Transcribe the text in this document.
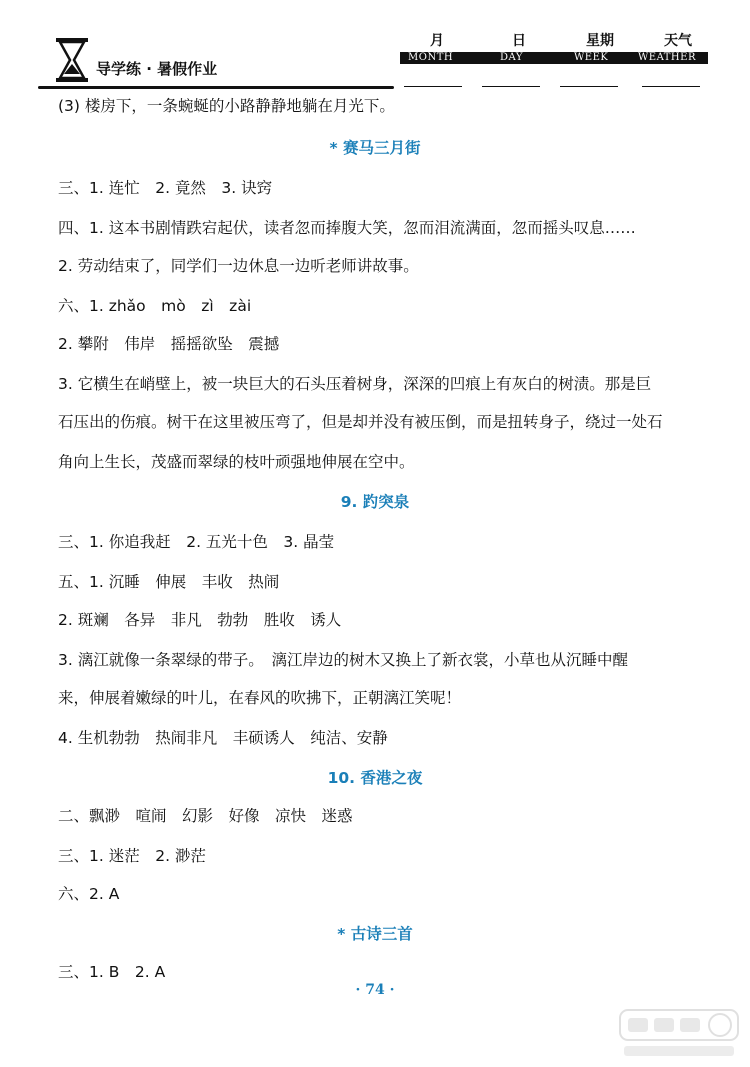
导学练 · 暑假作业
月	日	星期	天气
MONTH	DAY	WEEK	WEATHER
(3) 楼房下，一条蜿蜒的小路静静地躺在月光下。
* 赛马三月街
三、1. 连忙　2. 竟然　3. 诀窍
四、1. 这本书剧情跌宕起伏，读者忽而捧腹大笑，忽而泪流满面，忽而摇头叹息……
2. 劳动结束了，同学们一边休息一边听老师讲故事。
六、1. zhǎo　mò　zì　zài
2. 攀附　伟岸　摇摇欲坠　震撼
3. 它横生在峭壁上，被一块巨大的石头压着树身，深深的凹痕上有灰白的树渍。那是巨
石压出的伤痕。树干在这里被压弯了，但是却并没有被压倒，而是扭转身子，绕过一处石
角向上生长，茂盛而翠绿的枝叶顽强地伸展在空中。
9. 趵突泉
三、1. 你追我赶　2. 五光十色　3. 晶莹
五、1. 沉睡　伸展　丰收　热闹
2. 斑斓　各异　非凡　勃勃　胜收　诱人
3. 漓江就像一条翠绿的带子。　漓江岸边的树木又换上了新衣裳，小草也从沉睡中醒
来，伸展着嫩绿的叶儿，在春风的吹拂下，正朝漓江笑呢！
4. 生机勃勃　热闹非凡　丰硕诱人　纯洁、安静
10. 香港之夜
二、飘渺　喧闹　幻影　好像　凉快　迷惑
三、1. 迷茫　2. 渺茫
六、2. A
* 古诗三首
三、1. B　2. A
· 74 ·
